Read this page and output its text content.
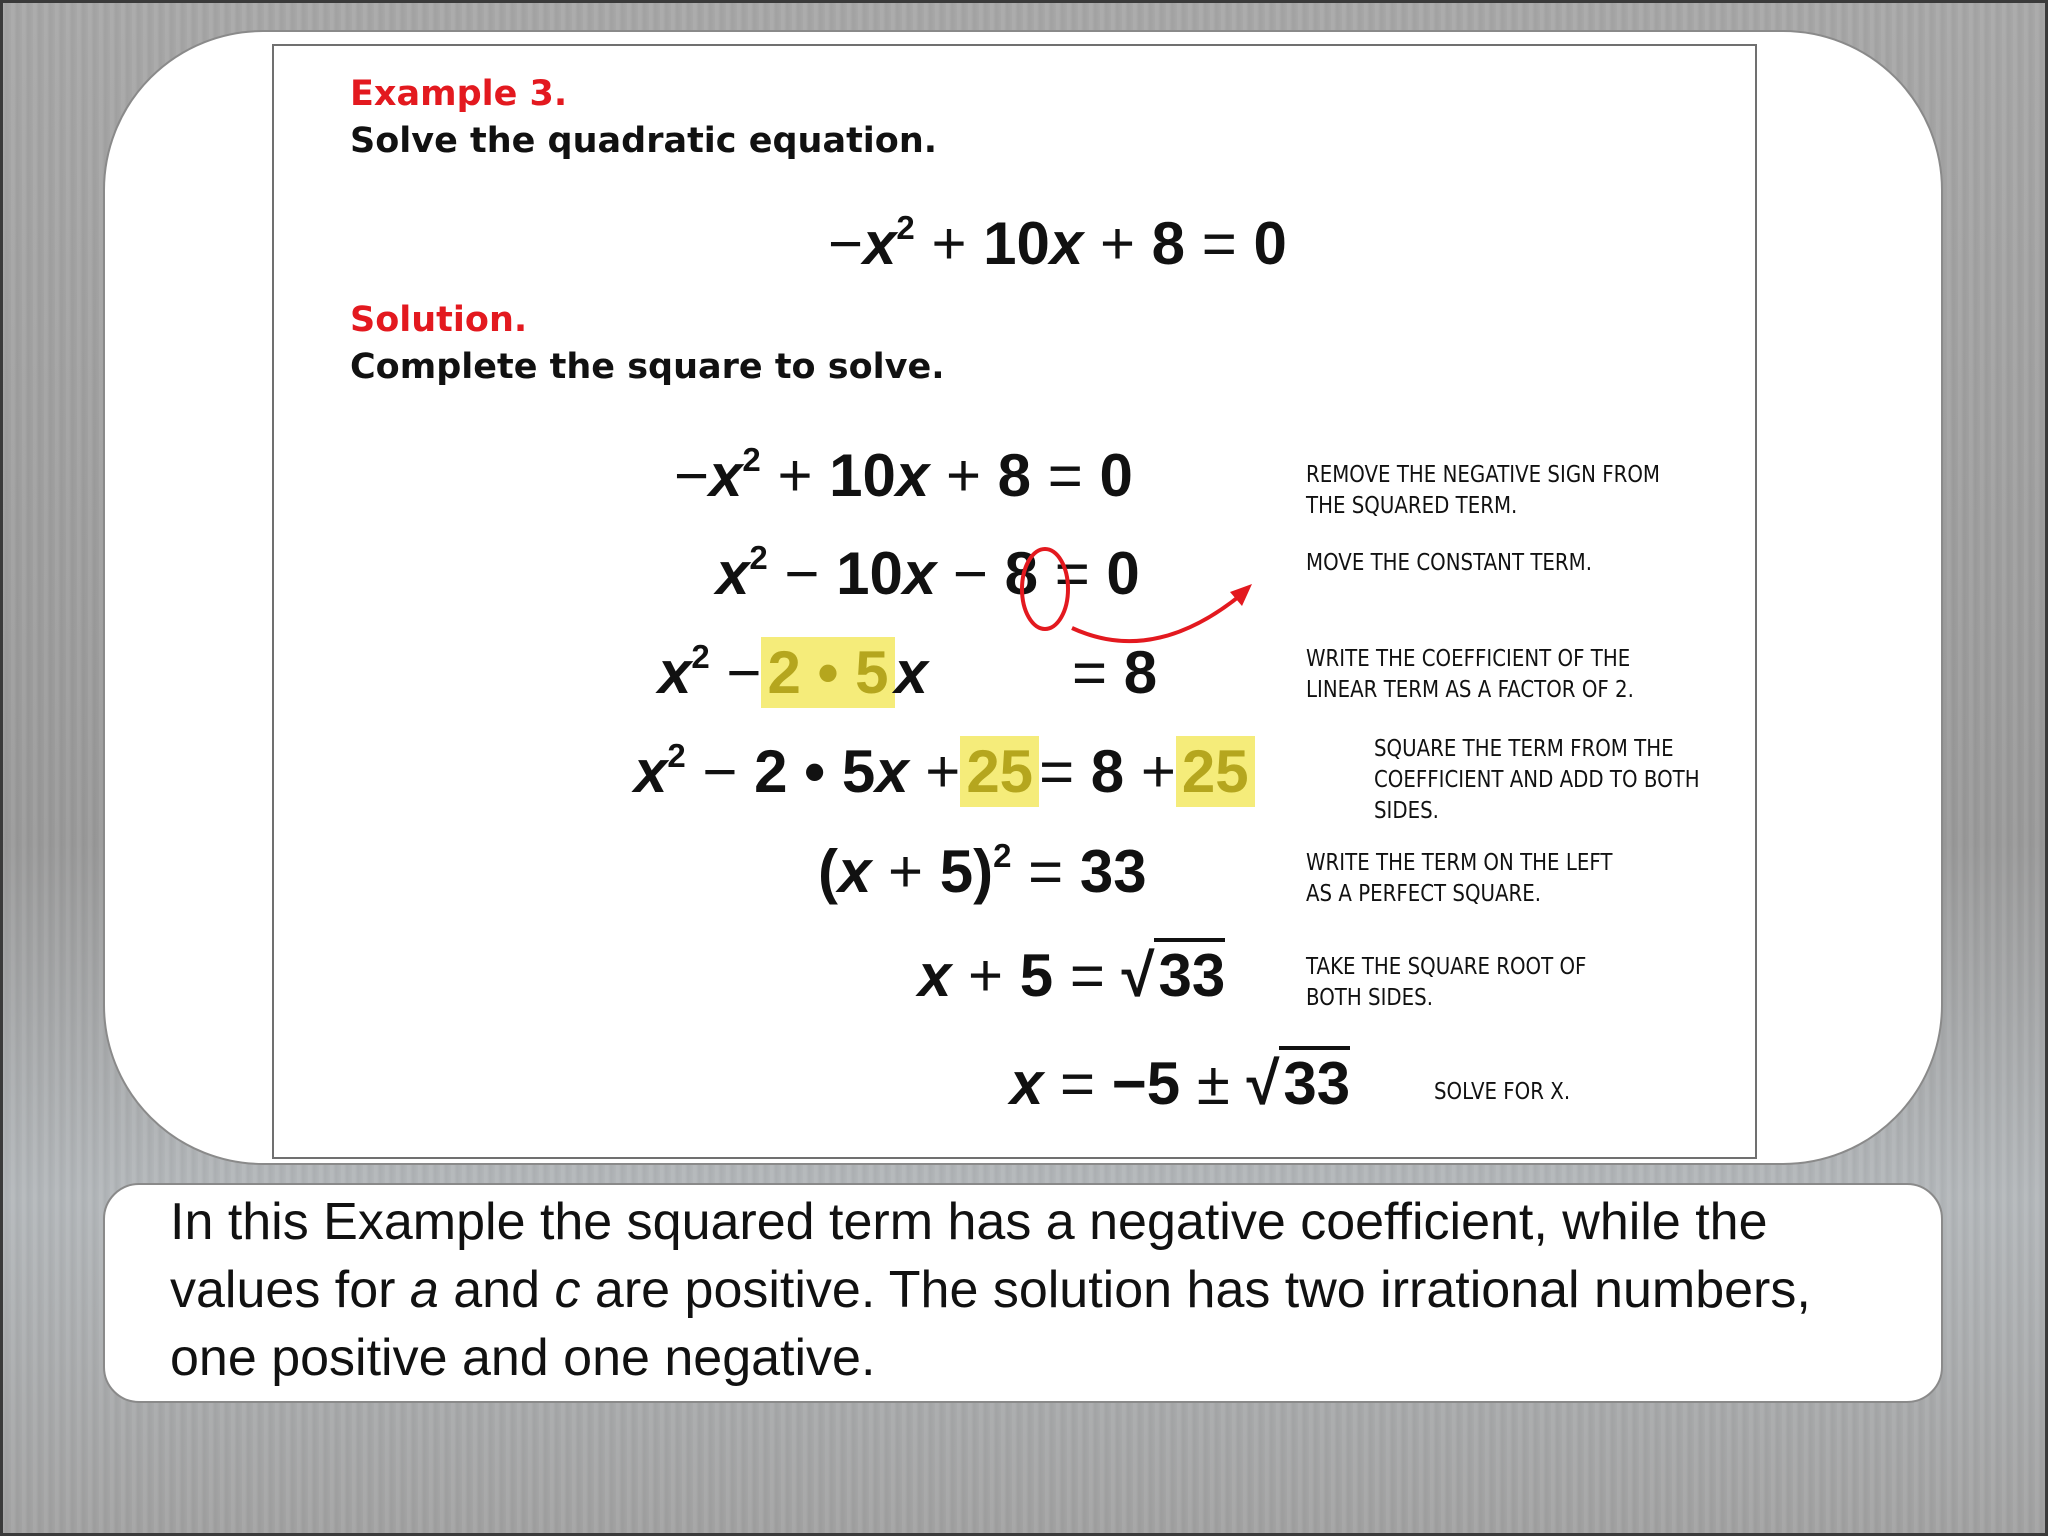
Example 3.
Solve the quadratic equation.
$-x^2 + 10x + 8 = 0$
Solution.
Complete the square to solve.
$-x^2 + 10x + 8 = 0$	REMOVE THE NEGATIVE SIGN FROM
THE SQUARED TERM.
$x^2 - 10x - 8 = 0$	MOVE THE CONSTANT TERM.
$x^2 - 2$ • 5 x = 8	WRITE THE COEFFICIENT OF THE
LINEAR TERM AS A FACTOR OF 2.
$x^2 - 2$ • 5x + 25 = 8 + 25	SQUARE THE TERM FROM THE
COEFFICIENT AND ADD TO BOTH
SIDES.
$(x + 5)^2 = 33$	WRITE THE TERM ON THE LEFT
AS A PERFECT SQUARE.
x + 5 = √33	TAKE THE SQUARE ROOT OF
BOTH SIDES.
x = −5 ± √33	SOLVE FOR X.
In this Example the squared term has a negative coefficient, while the values for a and c are positive. The solution has two irrational numbers, one positive and one negative.
